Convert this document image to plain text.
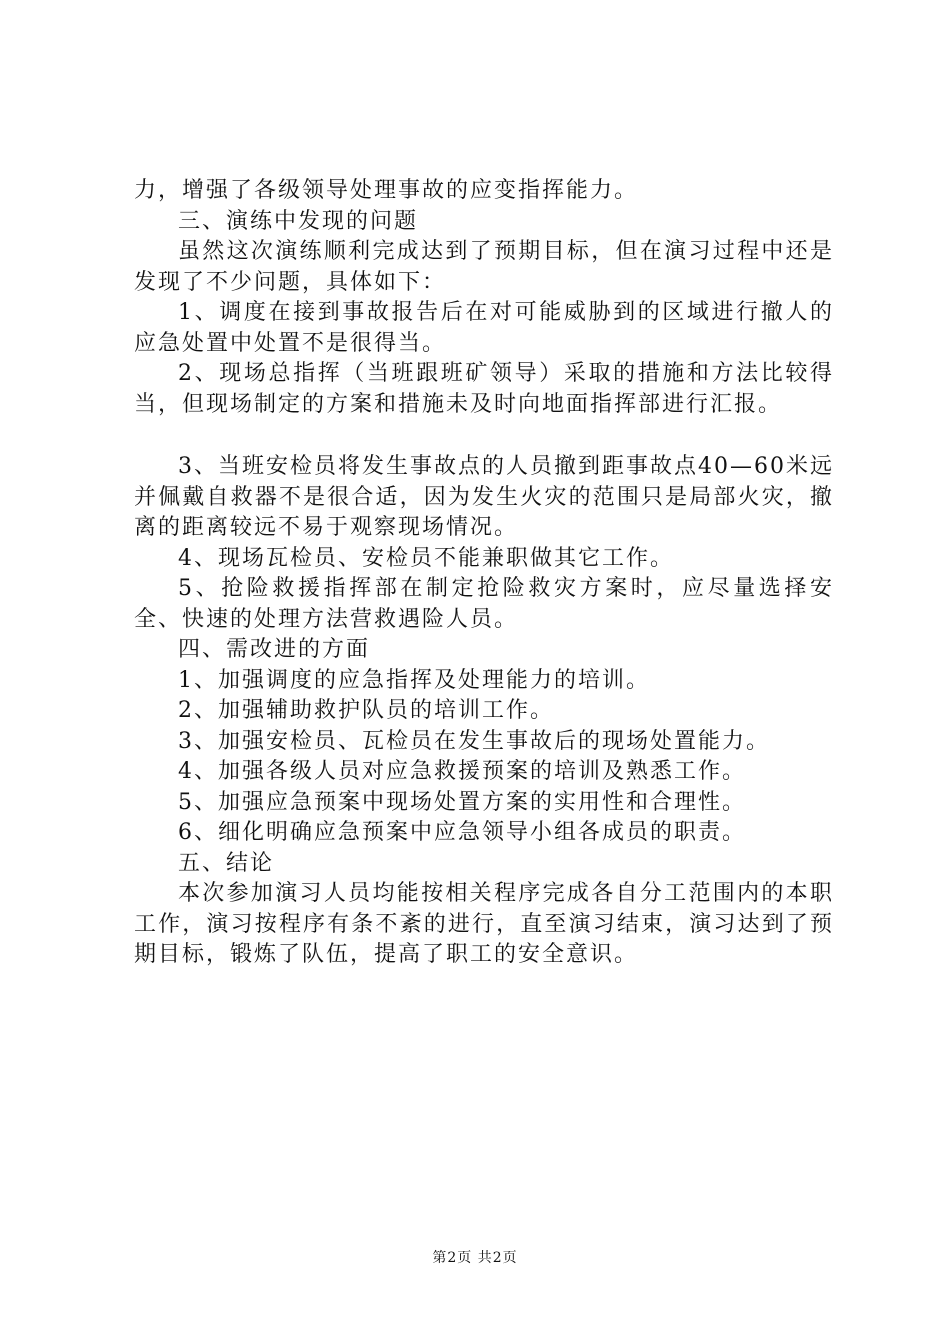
力，增强了各级领导处理事故的应变指挥能力。

三、演练中发现的问题

虽然这次演练顺利完成达到了预期目标，但在演习过程中还是发现了不少问题，具体如下：

1、调度在接到事故报告后在对可能威胁到的区域进行撤人的应急处置中处置不是很得当。

2、现场总指挥（当班跟班矿领导）采取的措施和方法比较得当，但现场制定的方案和措施未及时向地面指挥部进行汇报。

3、当班安检员将发生事故点的人员撤到距事故点40—60米远并佩戴自救器不是很合适，因为发生火灾的范围只是局部火灾，撤离的距离较远不易于观察现场情况。

4、现场瓦检员、安检员不能兼职做其它工作。

5、抢险救援指挥部在制定抢险救灾方案时，应尽量选择安全、快速的处理方法营救遇险人员。

四、需改进的方面

1、加强调度的应急指挥及处理能力的培训。

2、加强辅助救护队员的培训工作。

3、加强安检员、瓦检员在发生事故后的现场处置能力。

4、加强各级人员对应急救援预案的培训及熟悉工作。

5、加强应急预案中现场处置方案的实用性和合理性。

6、细化明确应急预案中应急领导小组各成员的职责。

五、结论

本次参加演习人员均能按相关程序完成各自分工范围内的本职工作，演习按程序有条不紊的进行，直至演习结束，演习达到了预期目标，锻炼了队伍，提高了职工的安全意识。

第2页 共2页
